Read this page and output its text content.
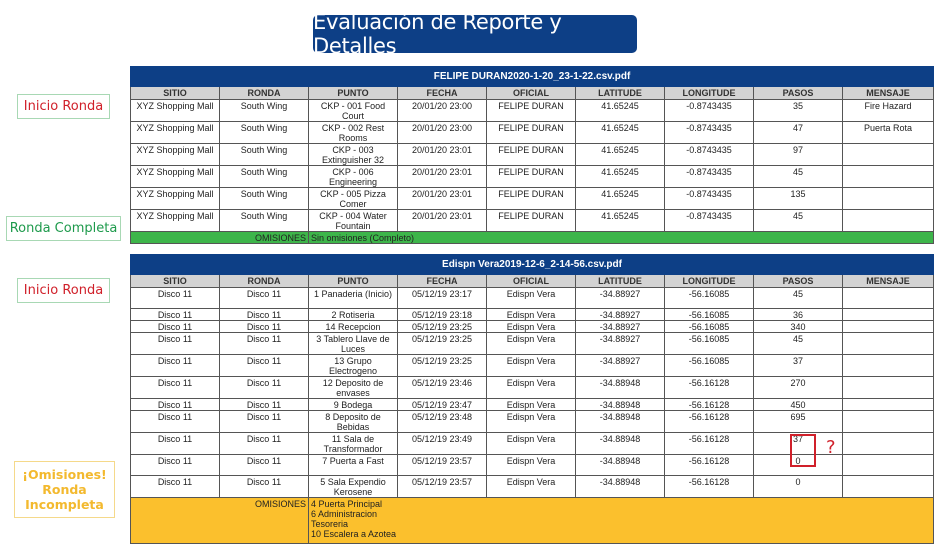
Evaluación de Reporte y Detalles
Inicio Ronda
Ronda Completa
Inicio Ronda
¡Omisiones! Ronda Incompleta
FELIPE DURAN2020-1-20_23-1-22.csv.pdf								
SITIO	RONDA	PUNTO	FECHA	OFICIAL	LATITUDE	LONGITUDE	PASOS	MENSAJE
XYZ Shopping Mall	South Wing	CKP - 001 Food Court	20/01/20 23:00	FELIPE DURAN	41.65245	-0.8743435	35	Fire Hazard
XYZ Shopping Mall	South Wing	CKP - 002 Rest Rooms	20/01/20 23:00	FELIPE DURAN	41.65245	-0.8743435	47	Puerta Rota
XYZ Shopping Mall	South Wing	CKP - 003 Extinguisher 32	20/01/20 23:01	FELIPE DURAN	41.65245	-0.8743435	97	
XYZ Shopping Mall	South Wing	CKP - 006 Engineering	20/01/20 23:01	FELIPE DURAN	41.65245	-0.8743435	45	
XYZ Shopping Mall	South Wing	CKP - 005 Pizza Comer	20/01/20 23:01	FELIPE DURAN	41.65245	-0.8743435	135	
XYZ Shopping Mall	South Wing	CKP - 004 Water Fountain	20/01/20 23:01	FELIPE DURAN	41.65245	-0.8743435	45	
OMISIONES		Sin omisiones (Completo)						
Edispn Vera2019-12-6_2-14-56.csv.pdf								
SITIO	RONDA	PUNTO	FECHA	OFICIAL	LATITUDE	LONGITUDE	PASOS	MENSAJE
Disco 11	Disco 11	1 Panaderia (Inicio)	05/12/19 23:17	Edispn Vera	-34.88927	-56.16085	45	
Disco 11	Disco 11	2 Rotiseria	05/12/19 23:18	Edispn Vera	-34.88927	-56.16085	36	
Disco 11	Disco 11	14 Recepcion	05/12/19 23:25	Edispn Vera	-34.88927	-56.16085	340	
Disco 11	Disco 11	3 Tablero Llave de Luces	05/12/19 23:25	Edispn Vera	-34.88927	-56.16085	45	
Disco 11	Disco 11	13 Grupo Electrogeno	05/12/19 23:25	Edispn Vera	-34.88927	-56.16085	37	
Disco 11	Disco 11	12 Deposito de envases	05/12/19 23:46	Edispn Vera	-34.88948	-56.16128	270	
Disco 11	Disco 11	9 Bodega	05/12/19 23:47	Edispn Vera	-34.88948	-56.16128	450	
Disco 11	Disco 11	8 Deposito de Bebidas	05/12/19 23:48	Edispn Vera	-34.88948	-56.16128	695	
Disco 11	Disco 11	11 Sala de Transformador	05/12/19 23:49	Edispn Vera	-34.88948	-56.16128	37	
Disco 11	Disco 11	7 Puerta a Fast	05/12/19 23:57	Edispn Vera	-34.88948	-56.16128	0	
Disco 11	Disco 11	5 Sala Expendio Kerosene	05/12/19 23:57	Edispn Vera	-34.88948	-56.16128	0	
OMISIONES		4 Puerta Principal
6 Administracion
Tesoreria
10 Escalera a Azotea						
?
